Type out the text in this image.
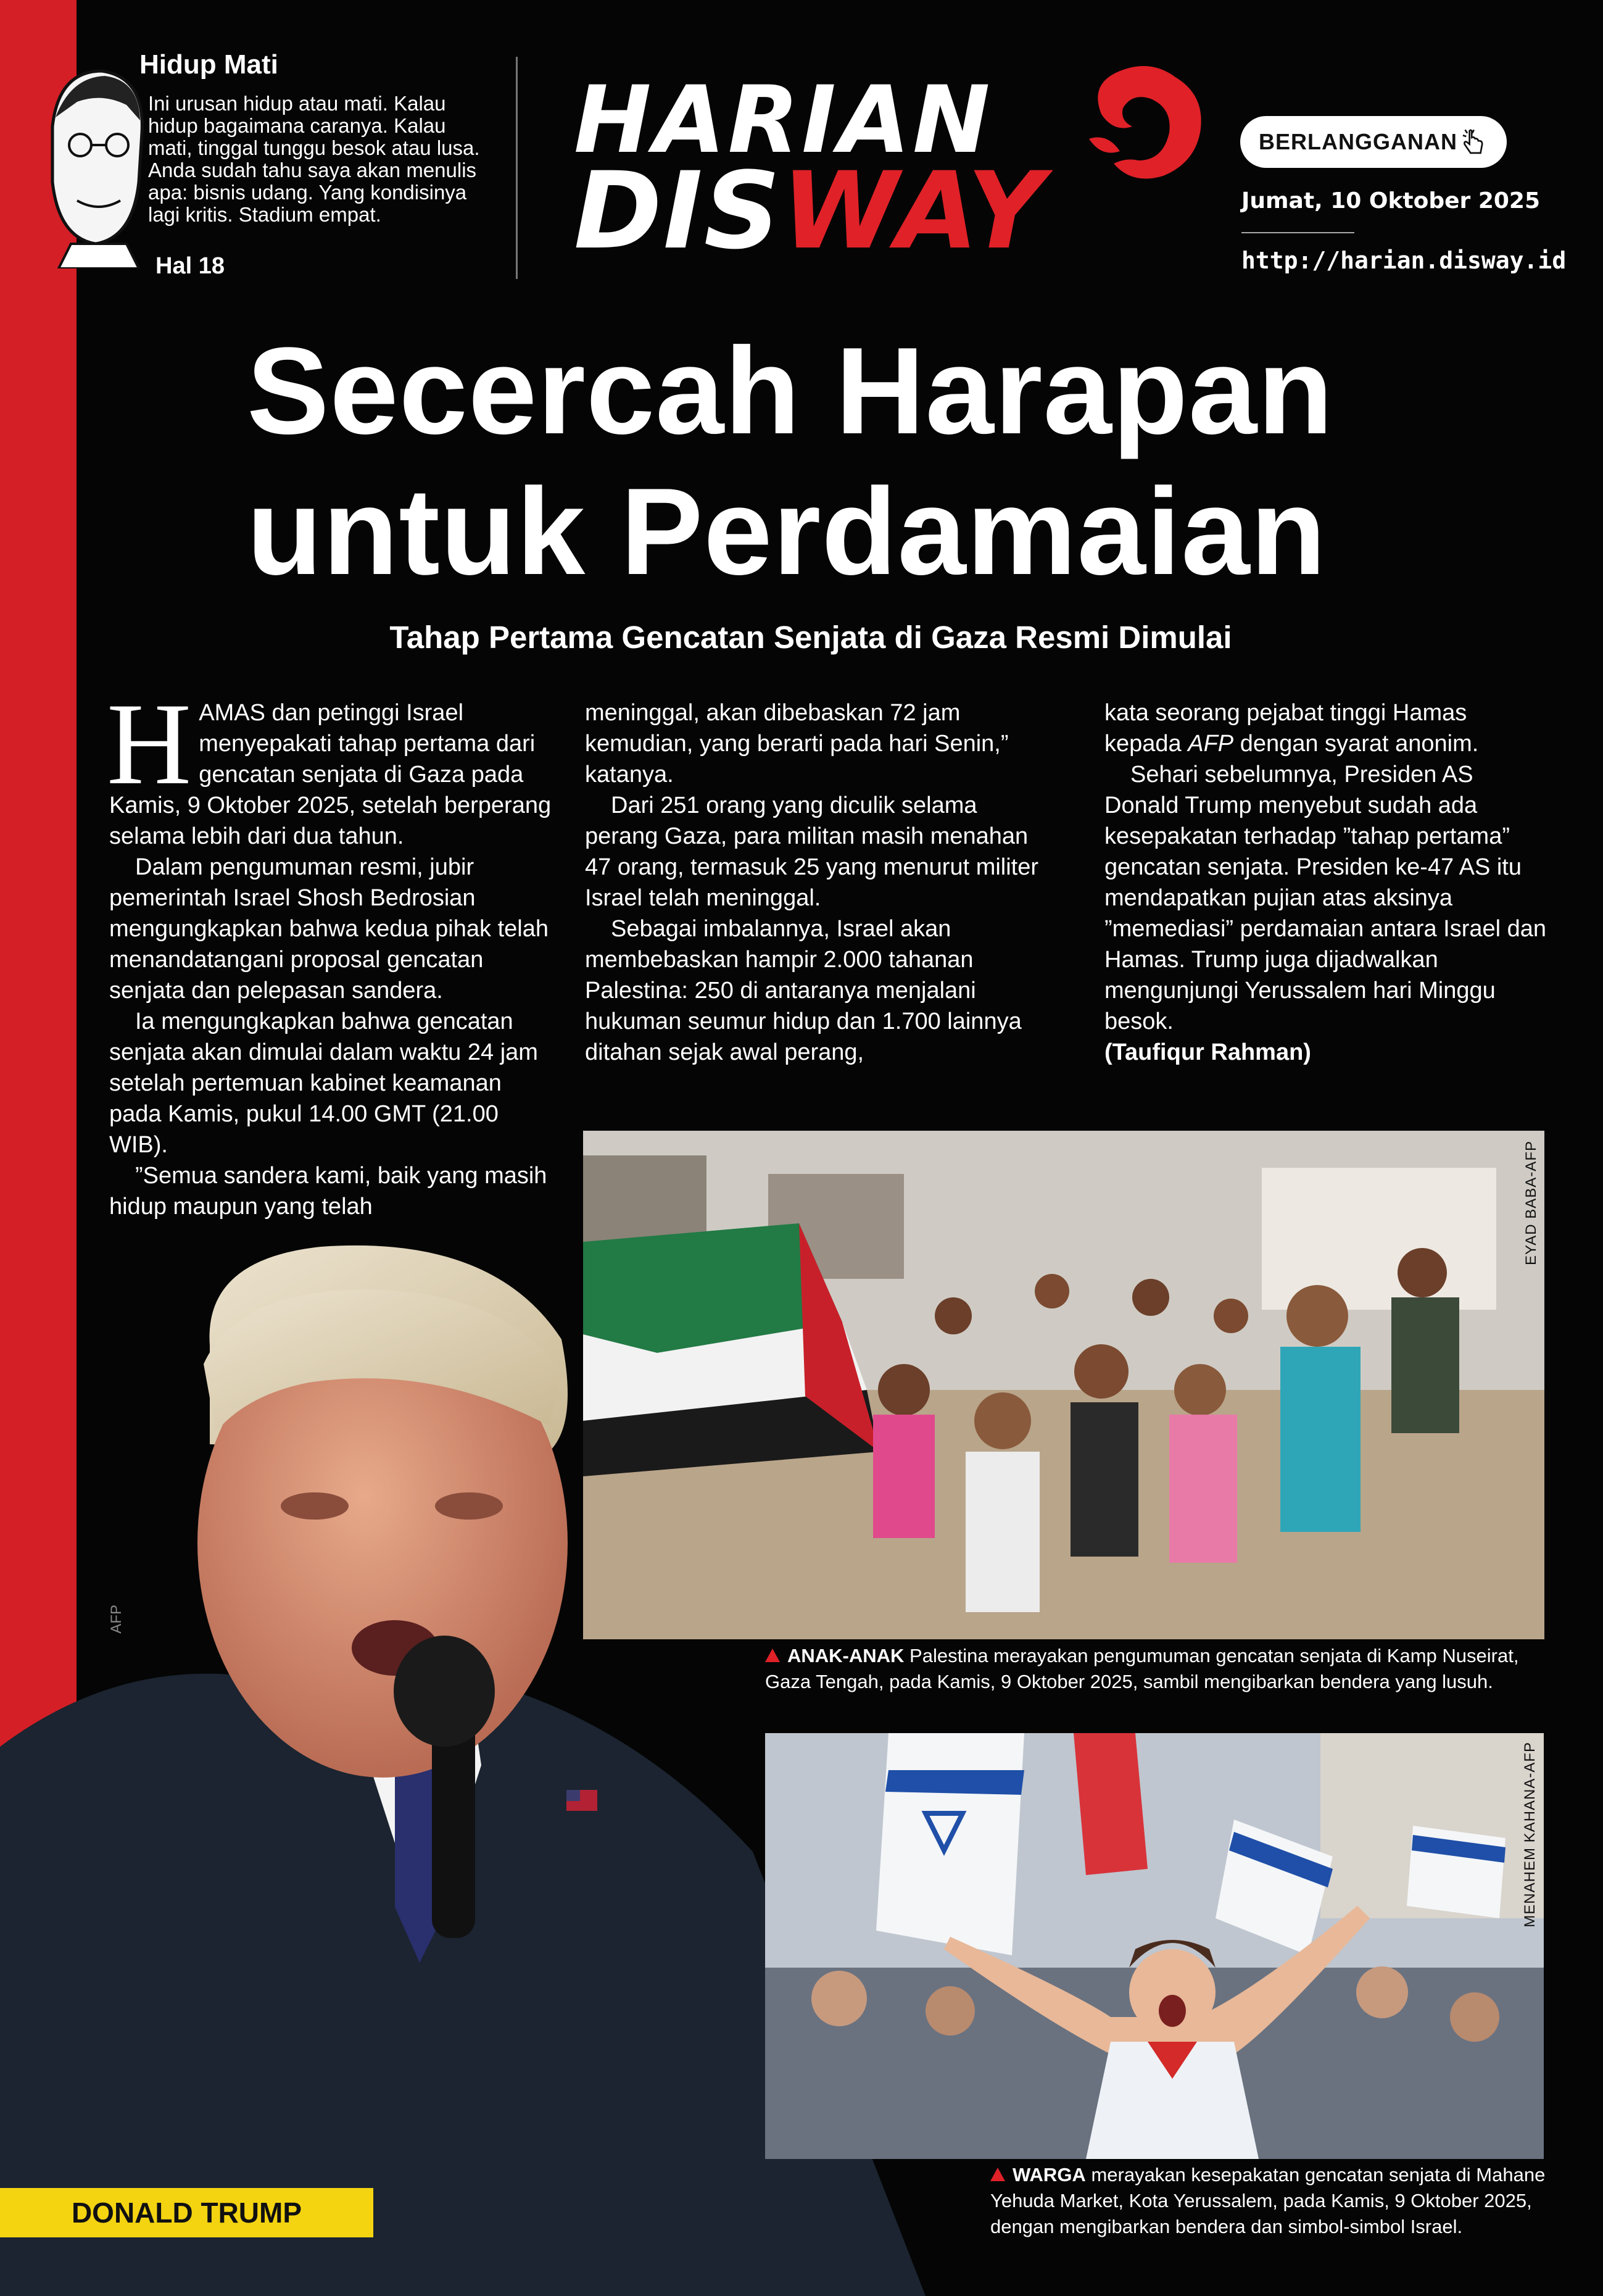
AFP
DONALD TRUMP
Hidup Mati
Ini urusan hidup atau mati. Kalau hidup bagaimana caranya. Kalau mati, tinggal tunggu besok atau lusa. Anda sudah tahu saya akan menulis apa: bisnis udang. Yang kondisinya lagi kritis. Stadium empat.
Hal 18
HARIAN
DISWAY
BERLANGGANAN
Jumat, 10 Oktober 2025
http://harian.disway.id
Secercah Harapan untuk Perdamaian
Tahap Pertama Gencatan Senjata di Gaza Resmi Dimulai

HAMAS dan petinggi Israel menyepakati tahap pertama dari gencatan senjata di Gaza pada Kamis, 9 Oktober 2025, setelah berperang selama lebih dari dua tahun.

Dalam pengumuman resmi, jubir pemerintah Israel Shosh Bedrosian mengungkapkan bahwa kedua pihak telah menandatangani proposal gencatan senjata dan pelepasan sandera.

Ia mengungkapkan bahwa gencatan senjata akan dimulai dalam waktu 24 jam setelah pertemuan kabinet keamanan pada Kamis, pukul 14.00 GMT (21.00 WIB).

”Semua sandera kami, baik yang masih hidup maupun yang telah

meninggal, akan dibebaskan 72 jam kemudian, yang berarti pada hari Senin,” katanya.

Dari 251 orang yang diculik selama perang Gaza, para militan masih menahan 47 orang, termasuk 25 yang menurut militer Israel telah meninggal.

Sebagai imbalannya, Israel akan membebaskan hampir 2.000 tahanan Palestina: 250 di antaranya menjalani hukuman seumur hidup dan 1.700 lainnya ditahan sejak awal perang,

kata seorang pejabat tinggi Hamas kepada AFP dengan syarat anonim.

Sehari sebelumnya, Presiden AS Donald Trump menyebut sudah ada kesepakatan terhadap ”tahap pertama” gencatan senjata. Presiden ke-47 AS itu mendapatkan pujian atas aksinya ”memediasi” perdamaian antara Israel dan Hamas. Trump juga dijadwalkan mengunjungi Yerussalem hari Minggu besok.

(Taufiqur Rahman)

EYAD BABA-AFP
ANAK-ANAK Palestina merayakan pengumuman gencatan senjata di Kamp Nuseirat, Gaza Tengah, pada Kamis, 9 Oktober 2025, sambil mengibarkan bendera yang lusuh.
MENAHEM KAHANA-AFP
WARGA merayakan kesepakatan gencatan senjata di Mahane Yehuda Market, Kota Yerussalem, pada Kamis, 9 Oktober 2025, dengan mengibarkan bendera dan simbol-simbol Israel.
